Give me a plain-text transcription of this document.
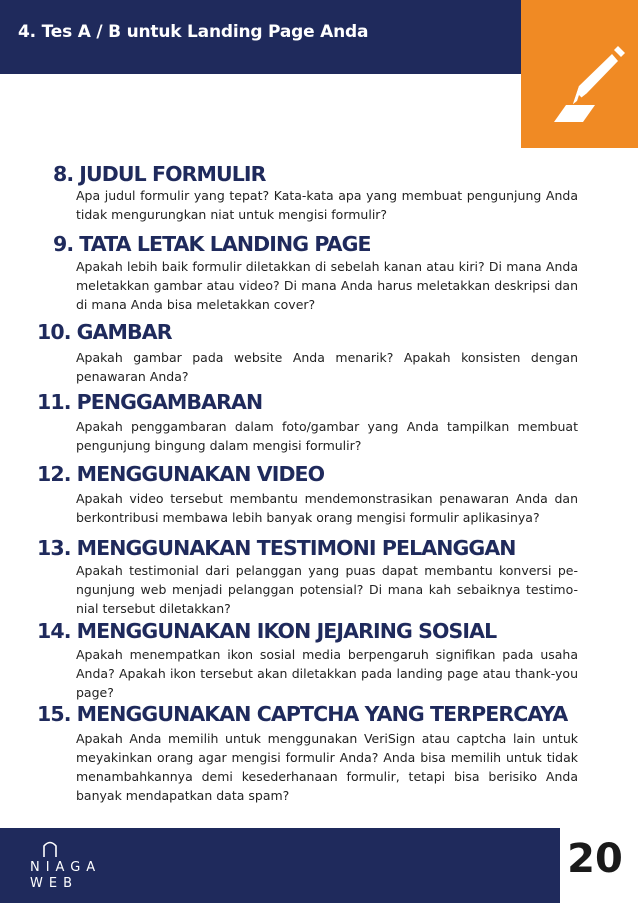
4. Tes A / B untuk Landing Page Anda
8. JUDUL FORMULIR
Apa judul formulir yang tepat? Kata-kata apa yang membuat pengunjung Anda tidak mengurungkan niat untuk mengisi formulir?
9. TATA LETAK LANDING PAGE
Apakah lebih baik formulir diletakkan di sebelah kanan atau kiri? Di mana Anda meletakkan gambar atau video? Di mana Anda harus meletakkan deskripsi dan di mana Anda bisa meletakkan cover?
10. GAMBAR
Apakah gambar pada website Anda menarik? Apakah konsisten dengan penawaran Anda?
11. PENGGAMBARAN
Apakah penggambaran dalam foto/gambar yang Anda tampilkan membuat pengunjung bingung dalam mengisi formulir?
12. MENGGUNAKAN VIDEO
Apakah video tersebut membantu mendemonstrasikan penawaran Anda dan berkontribusi membawa lebih banyak orang mengisi formulir aplikasinya?
13. MENGGUNAKAN TESTIMONI PELANGGAN
Apakah testimonial dari pelanggan yang puas dapat membantu konversi pe-ngunjung web menjadi pelanggan potensial? Di mana kah sebaiknya testimo-nial tersebut diletakkan?
14. MENGGUNAKAN IKON JEJARING SOSIAL
Apakah menempatkan ikon sosial media berpengaruh signifikan pada usaha Anda? Apakah ikon tersebut akan diletakkan pada landing page atau thank-you page?
15. MENGGUNAKAN CAPTCHA YANG TERPERCAYA
Apakah Anda memilih untuk menggunakan VeriSign atau captcha lain untuk meyakinkan orang agar mengisi formulir Anda? Anda bisa memilih untuk tidak menambahkannya demi kesederhanaan formulir, tetapi bisa berisiko Anda banyak mendapatkan data spam?
NIAGA
WEB
20
